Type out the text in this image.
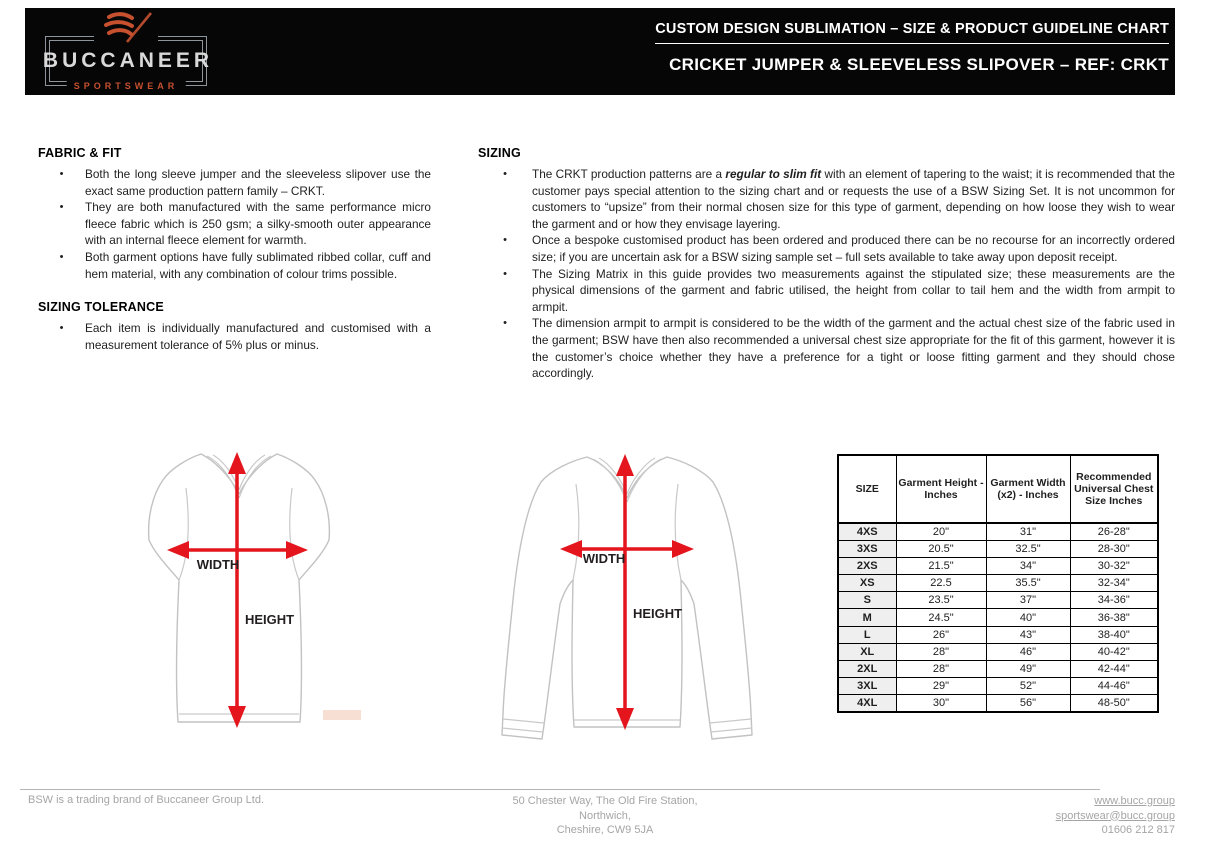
BUCCANEER
SPORTSWEAR
CUSTOM DESIGN SUBLIMATION – SIZE & PRODUCT GUIDELINE CHART
CRICKET JUMPER & SLEEVELESS SLIPOVER – REF: CRKT
FABRIC & FIT
•	Both the long sleeve jumper and the sleeveless slipover use the exact same production pattern family – CRKT.
•	They are both manufactured with the same performance micro fleece fabric which is 250 gsm; a silky-smooth outer appearance with an internal fleece element for warmth.
•	Both garment options have fully sublimated ribbed collar, cuff and hem material, with any combination of colour trims possible.
SIZING TOLERANCE
•	Each item is individually manufactured and customised with a measurement tolerance of 5% plus or minus.
SIZING
•	The CRKT production patterns are a regular to slim fit with an element of tapering to the waist; it is recommended that the customer pays special attention to the sizing chart and or requests the use of a BSW Sizing Set. It is not uncommon for customers to “upsize” from their normal chosen size for this type of garment, depending on how loose they wish to wear the garment and or how they envisage layering.
•	Once a bespoke customised product has been ordered and produced there can be no recourse for an incorrectly ordered size; if you are uncertain ask for a BSW sizing sample set – full sets available to take away upon deposit receipt.
•	The Sizing Matrix in this guide provides two measurements against the stipulated size; these measurements are the physical dimensions of the garment and fabric utilised, the height from collar to tail hem and the width from armpit to armpit.
•	The dimension armpit to armpit is considered to be the width of the garment and the actual chest size of the fabric used in the garment; BSW have then also recommended a universal chest size appropriate for the fit of this garment, however it is the customer’s choice whether they have a preference for a tight or loose fitting garment and they should chose accordingly.
WIDTH
HEIGHT
WIDTH
HEIGHT
SIZE	Garment Height - Inches	Garment Width (x2) - Inches	Recommended Universal Chest Size Inches
4XS	20"	31"	26-28"
3XS	20.5"	32.5"	28-30"
2XS	21.5"	34"	30-32"
XS	22.5	35.5"	32-34"
S	23.5"	37"	34-36"
M	24.5"	40"	36-38"
L	26"	43"	38-40"
XL	28"	46"	40-42"
2XL	28"	49"	42-44"
3XL	29"	52"	44-46"
4XL	30"	56"	48-50"
BSW is a trading brand of Buccaneer Group Ltd.	50 Chester Way, The Old Fire Station,
Northwich,
Cheshire, CW9 5JA
www.bucc.group
sportswear@bucc.group
01606 212 817
